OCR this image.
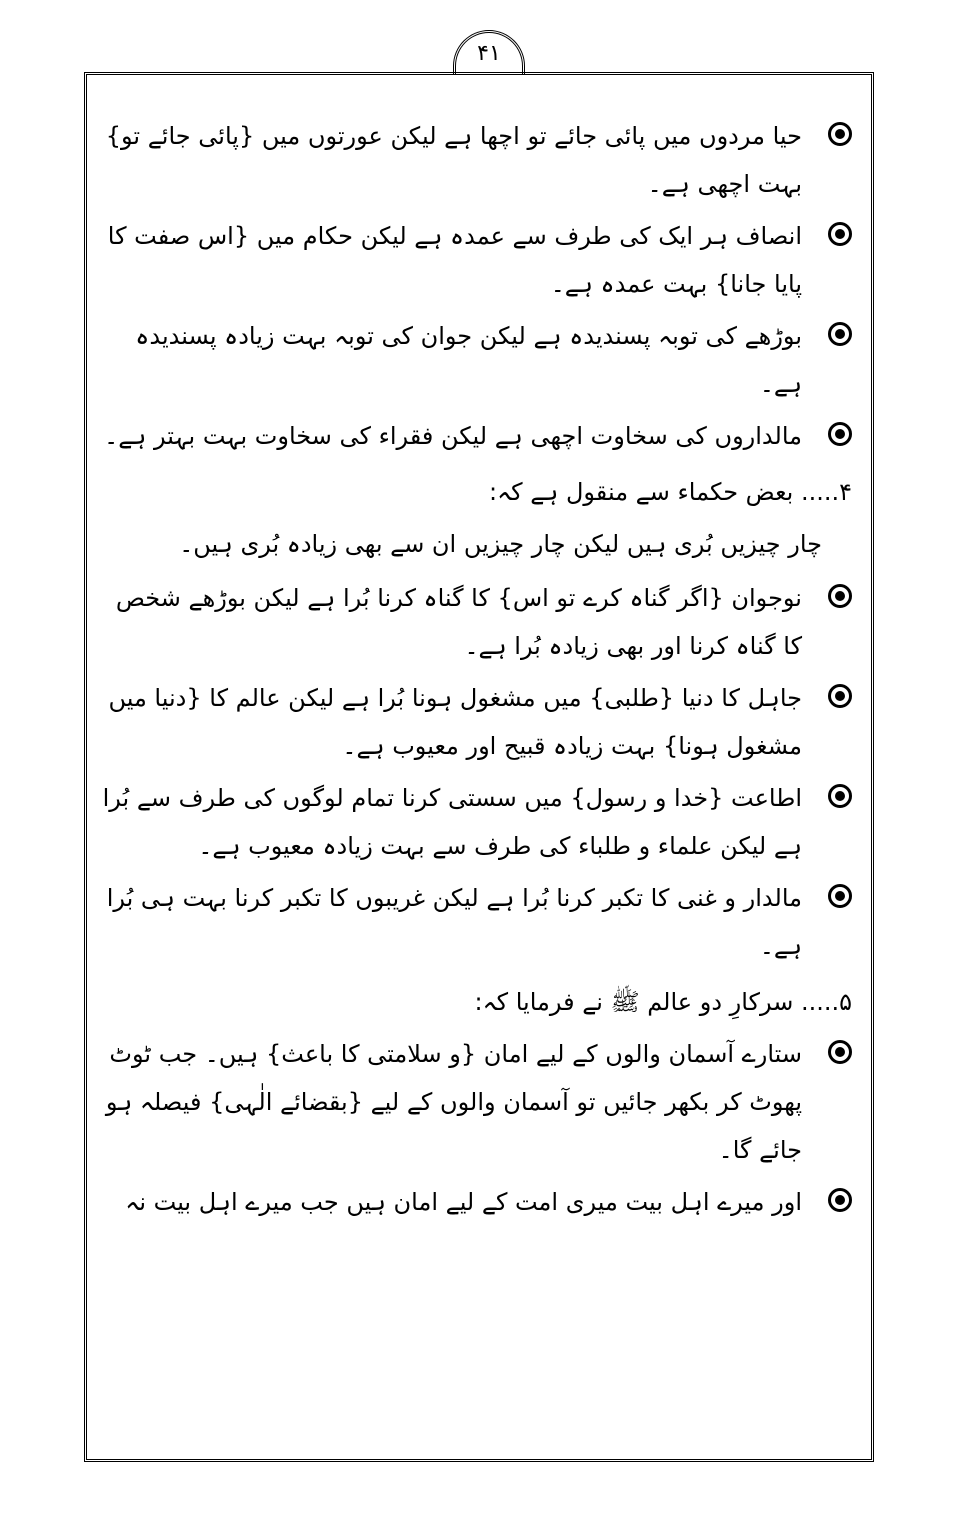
۴۱
حیا مردوں میں پائی جائے تو اچھا ہے لیکن عورتوں میں {پائی جائے تو} بہت اچھی ہے۔
انصاف ہر ایک کی طرف سے عمدہ ہے لیکن حکام میں {اس صفت کا پایا جانا} بہت عمدہ ہے۔
بوڑھے کی توبہ پسندیدہ ہے لیکن جوان کی توبہ بہت زیادہ پسندیدہ ہے۔
مالداروں کی سخاوت اچھی ہے لیکن فقراء کی سخاوت بہت بہتر ہے۔
۴..... بعض حکماء سے منقول ہے کہ:
چار چیزیں بُری ہیں لیکن چار چیزیں ان سے بھی زیادہ بُری ہیں۔
نوجوان {اگر گناہ کرے تو اس} کا گناہ کرنا بُرا ہے لیکن بوڑھے شخص کا گناہ کرنا اور بھی زیادہ بُرا ہے۔
جاہل کا دنیا {طلبی} میں مشغول ہونا بُرا ہے لیکن عالم کا {دنیا میں مشغول ہونا} بہت زیادہ قبیح اور معیوب ہے۔
اطاعت {خدا و رسول} میں سستی کرنا تمام لوگوں کی طرف سے بُرا ہے لیکن علماء و طلباء کی طرف سے بہت زیادہ معیوب ہے۔
مالدار و غنی کا تکبر کرنا بُرا ہے لیکن غریبوں کا تکبر کرنا بہت ہی بُرا ہے۔
۵..... سرکارِ دو عالم ﷺ نے فرمایا کہ:
ستارے آسمان والوں کے لیے امان {و سلامتی کا باعث} ہیں۔ جب ٹوٹ پھوٹ کر بکھر جائیں تو آسمان والوں کے لیے {بقضائے الٰہی} فیصلہ ہو جائے گا۔
اور میرے اہل بیت میری امت کے لیے امان ہیں جب میرے اہل بیت نہ
